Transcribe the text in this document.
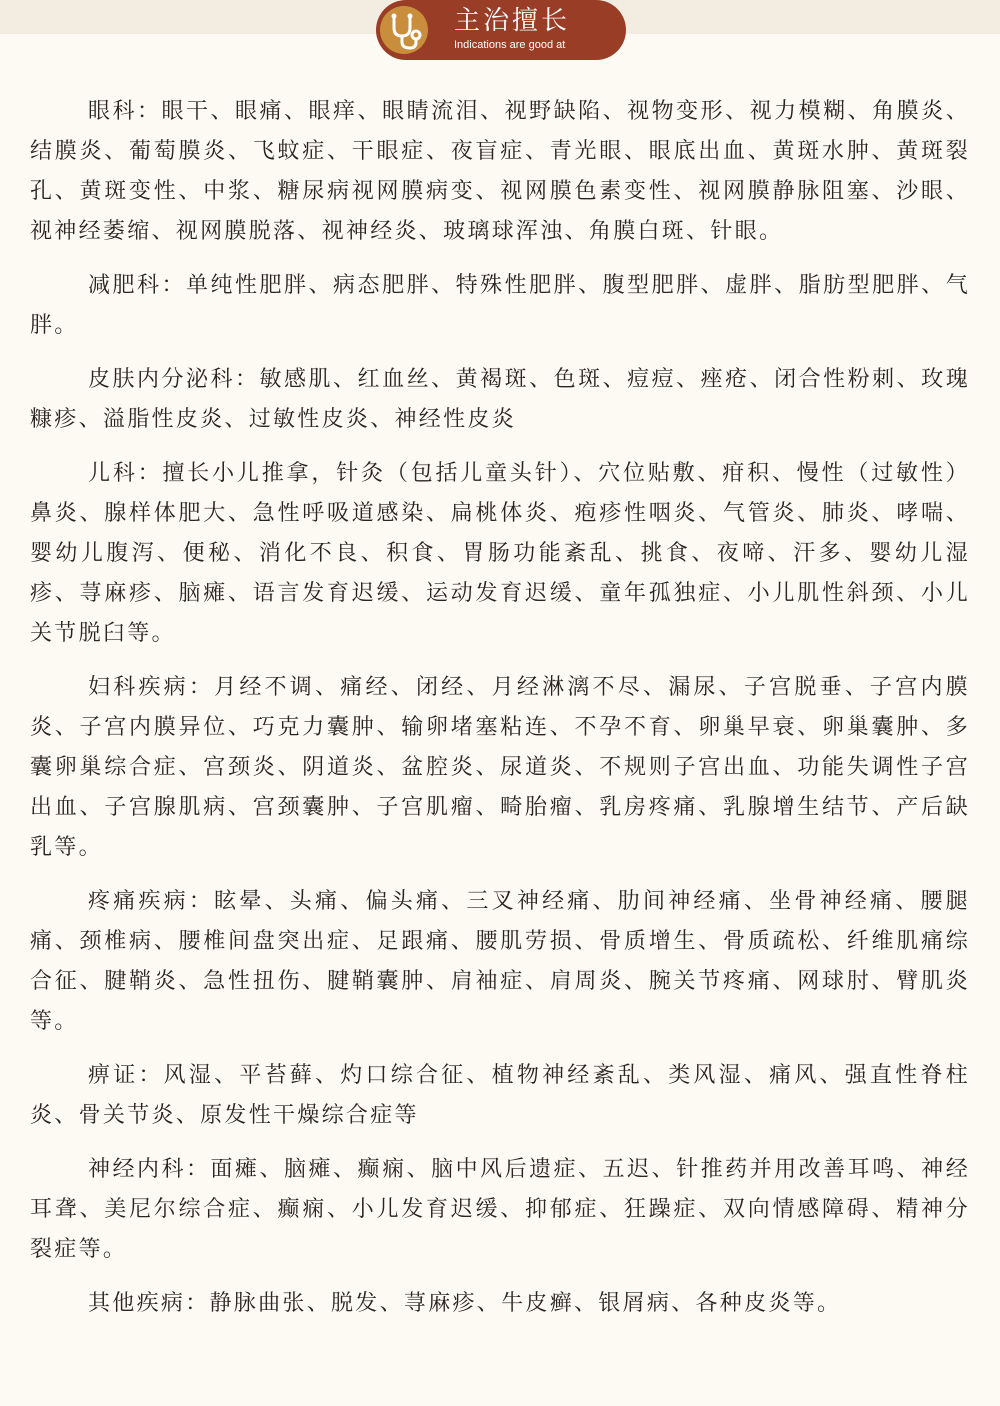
主治擅长
Indications are good at

眼科：眼干、眼痛、眼痒、眼睛流泪、视野缺陷、视物变形、视力模糊、角膜炎、结膜炎、葡萄膜炎、飞蚊症、干眼症、夜盲症、青光眼、眼底出血、黄斑水肿、黄斑裂孔、黄斑变性、中浆、糖尿病视网膜病变、视网膜色素变性、视网膜静脉阻塞、沙眼、视神经萎缩、视网膜脱落、视神经炎、玻璃球浑浊、角膜白斑、针眼。

减肥科：单纯性肥胖、病态肥胖、特殊性肥胖、腹型肥胖、虚胖、脂肪型肥胖、气胖。

皮肤内分泌科：敏感肌、红血丝、黄褐斑、色斑、痘痘、痤疮、闭合性粉刺、玫瑰糠疹、溢脂性皮炎、过敏性皮炎、神经性皮炎

儿科：擅长小儿推拿，针灸（包括儿童头针）、穴位贴敷、疳积、慢性（过敏性）鼻炎、腺样体肥大、急性呼吸道感染、扁桃体炎、疱疹性咽炎、气管炎、肺炎、哮喘、婴幼儿腹泻、便秘、消化不良、积食、胃肠功能紊乱、挑食、夜啼、汗多、婴幼儿湿疹、荨麻疹、脑瘫、语言发育迟缓、运动发育迟缓、童年孤独症、小儿肌性斜颈、小儿关节脱臼等。

妇科疾病：月经不调、痛经、闭经、月经淋漓不尽、漏尿、子宫脱垂、子宫内膜炎、子宫内膜异位、巧克力囊肿、输卵堵塞粘连、不孕不育、卵巢早衰、卵巢囊肿、多囊卵巢综合症、宫颈炎、阴道炎、盆腔炎、尿道炎、不规则子宫出血、功能失调性子宫出血、子宫腺肌病、宫颈囊肿、子宫肌瘤、畸胎瘤、乳房疼痛、乳腺增生结节、产后缺乳等。

疼痛疾病：眩晕、头痛、偏头痛、三叉神经痛、肋间神经痛、坐骨神经痛、腰腿痛、颈椎病、腰椎间盘突出症、足跟痛、腰肌劳损、骨质增生、骨质疏松、纤维肌痛综合征、腱鞘炎、急性扭伤、腱鞘囊肿、肩袖症、肩周炎、腕关节疼痛、网球肘、臂肌炎等。

痹证：风湿、平苔藓、灼口综合征、植物神经紊乱、类风湿、痛风、强直性脊柱炎、骨关节炎、原发性干燥综合症等

神经内科：面瘫、脑瘫、癫痫、脑中风后遗症、五迟、针推药并用改善耳鸣、神经耳聋、美尼尔综合症、癫痫、小儿发育迟缓、抑郁症、狂躁症、双向情感障碍、精神分裂症等。

其他疾病：静脉曲张、脱发、荨麻疹、牛皮癣、银屑病、各种皮炎等。
